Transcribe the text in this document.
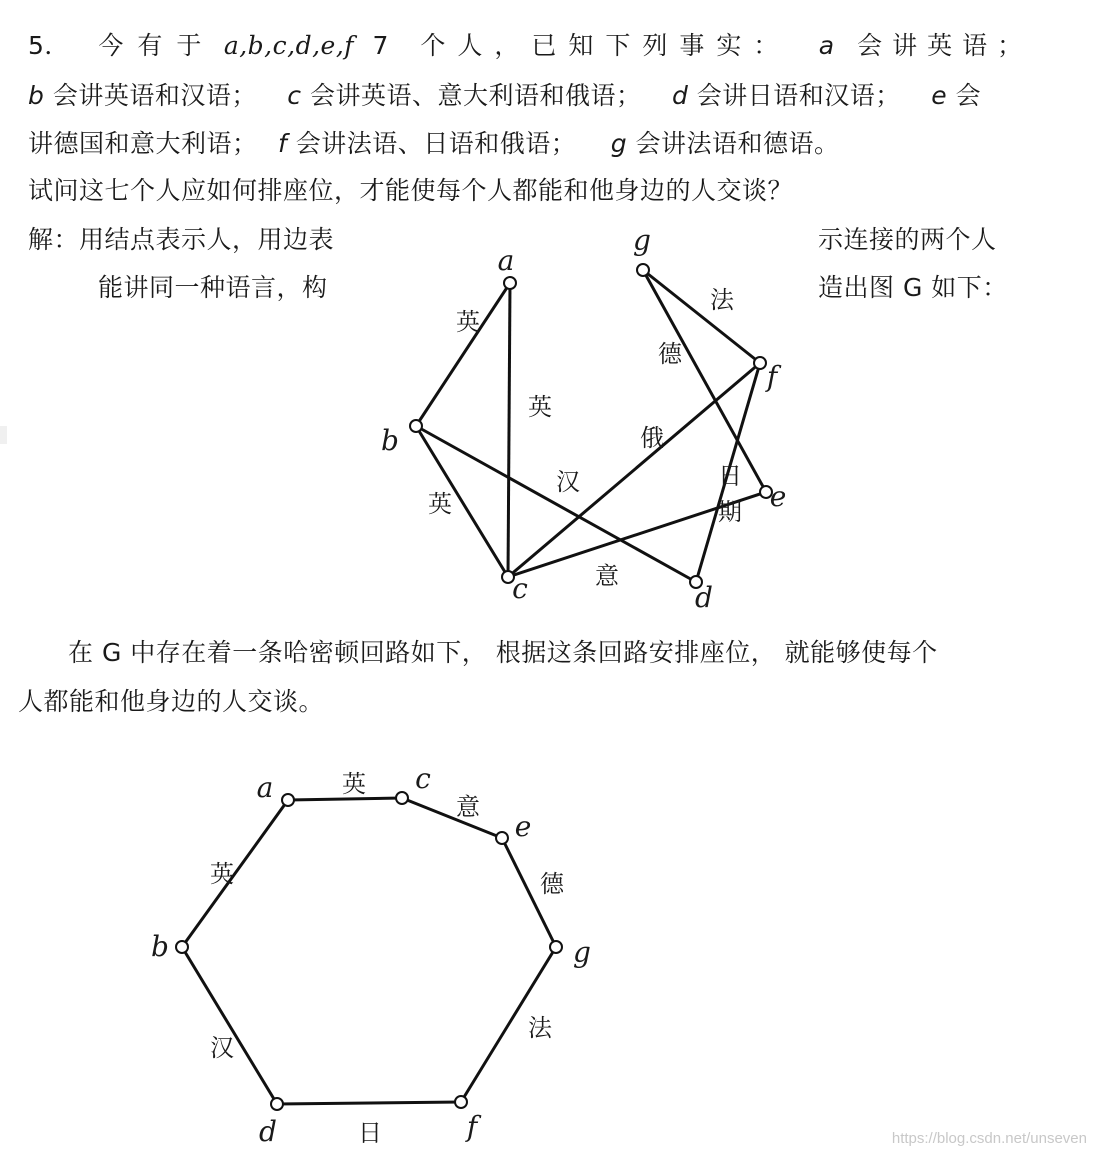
5． 今有于 a,b,c,d,e,f 7 个人，已知下列事实： a 会讲英语；
b 会讲英语和汉语； c 会讲英语、意大利语和俄语； d 会讲日语和汉语； e 会
讲德国和意大利语； f 会讲法语、日语和俄语； g 会讲法语和德语。
试问这七个人应如何排座位，才能使每个人都能和他身边的人交谈？
解：用结点表示人，用边表
能讲同一种语言，构
示连接的两个人
造出图 G 如下：
在 G 中存在着一条哈密顿回路如下， 根据这条回路安排座位， 就能够使每个
人都能和他身边的人交谈。
英
英
英
汉
俄
意
法
德
日
期
a
b
c	d
e
f
g
英
意
德
法
日
汉
英
a	c
e
g
f
d
b
https://blog.csdn.net/unseven
